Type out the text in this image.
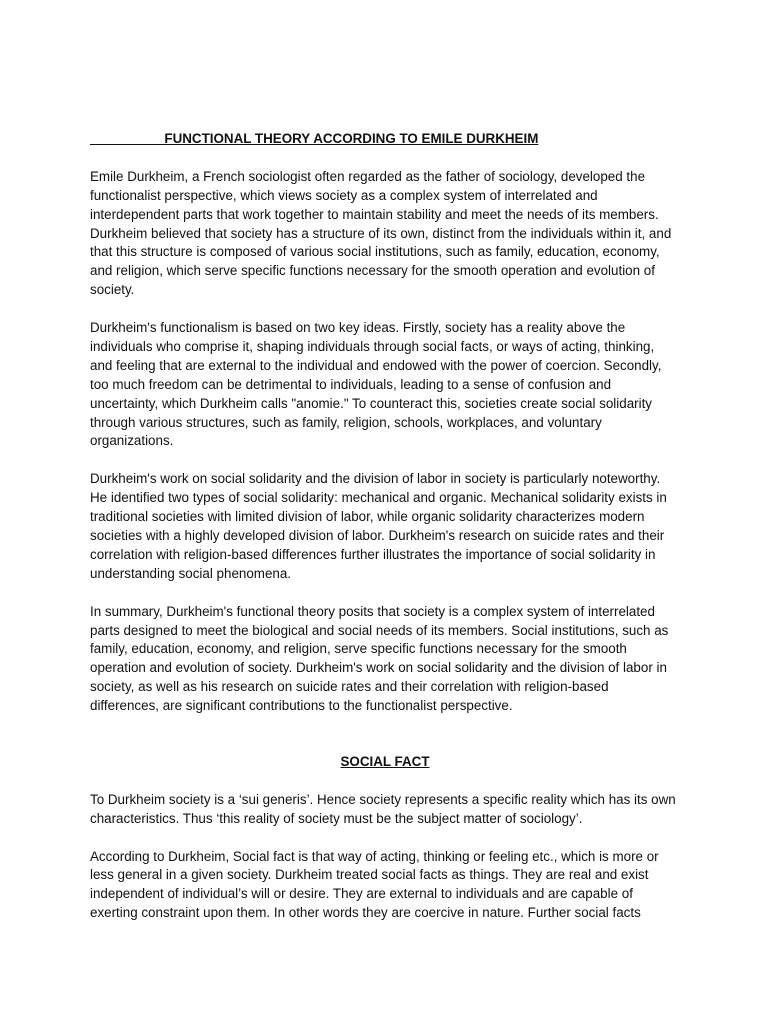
FUNCTIONAL THEORY ACCORDING TO EMILE DURKHEIM

Emile Durkheim, a French sociologist often regarded as the father of sociology, developed the functionalist perspective, which views society as a complex system of interrelated and interdependent parts that work together to maintain stability and meet the needs of its members. Durkheim believed that society has a structure of its own, distinct from the individuals within it, and that this structure is composed of various social institutions, such as family, education, economy, and religion, which serve specific functions necessary for the smooth operation and evolution of society.

Durkheim's functionalism is based on two key ideas. Firstly, society has a reality above the individuals who comprise it, shaping individuals through social facts, or ways of acting, thinking, and feeling that are external to the individual and endowed with the power of coercion. Secondly, too much freedom can be detrimental to individuals, leading to a sense of confusion and uncertainty, which Durkheim calls "anomie." To counteract this, societies create social solidarity through various structures, such as family, religion, schools, workplaces, and voluntary organizations.

Durkheim's work on social solidarity and the division of labor in society is particularly noteworthy. He identified two types of social solidarity: mechanical and organic. Mechanical solidarity exists in traditional societies with limited division of labor, while organic solidarity characterizes modern societies with a highly developed division of labor. Durkheim's research on suicide rates and their correlation with religion-based differences further illustrates the importance of social solidarity in understanding social phenomena.

In summary, Durkheim's functional theory posits that society is a complex system of interrelated parts designed to meet the biological and social needs of its members. Social institutions, such as family, education, economy, and religion, serve specific functions necessary for the smooth operation and evolution of society. Durkheim's work on social solidarity and the division of labor in society, as well as his research on suicide rates and their correlation with religion-based differences, are significant contributions to the functionalist perspective.

SOCIAL FACT

To Durkheim society is a ‘sui generis’. Hence society represents a specific reality which has its own characteristics. Thus ‘this reality of society must be the subject matter of sociology’.

According to Durkheim, Social fact is that way of acting, thinking or feeling etc., which is more or less general in a given society. Durkheim treated social facts as things. They are real and exist independent of individual’s will or desire. They are external to individuals and are capable of exerting constraint upon them. In other words they are coercive in nature. Further social facts
